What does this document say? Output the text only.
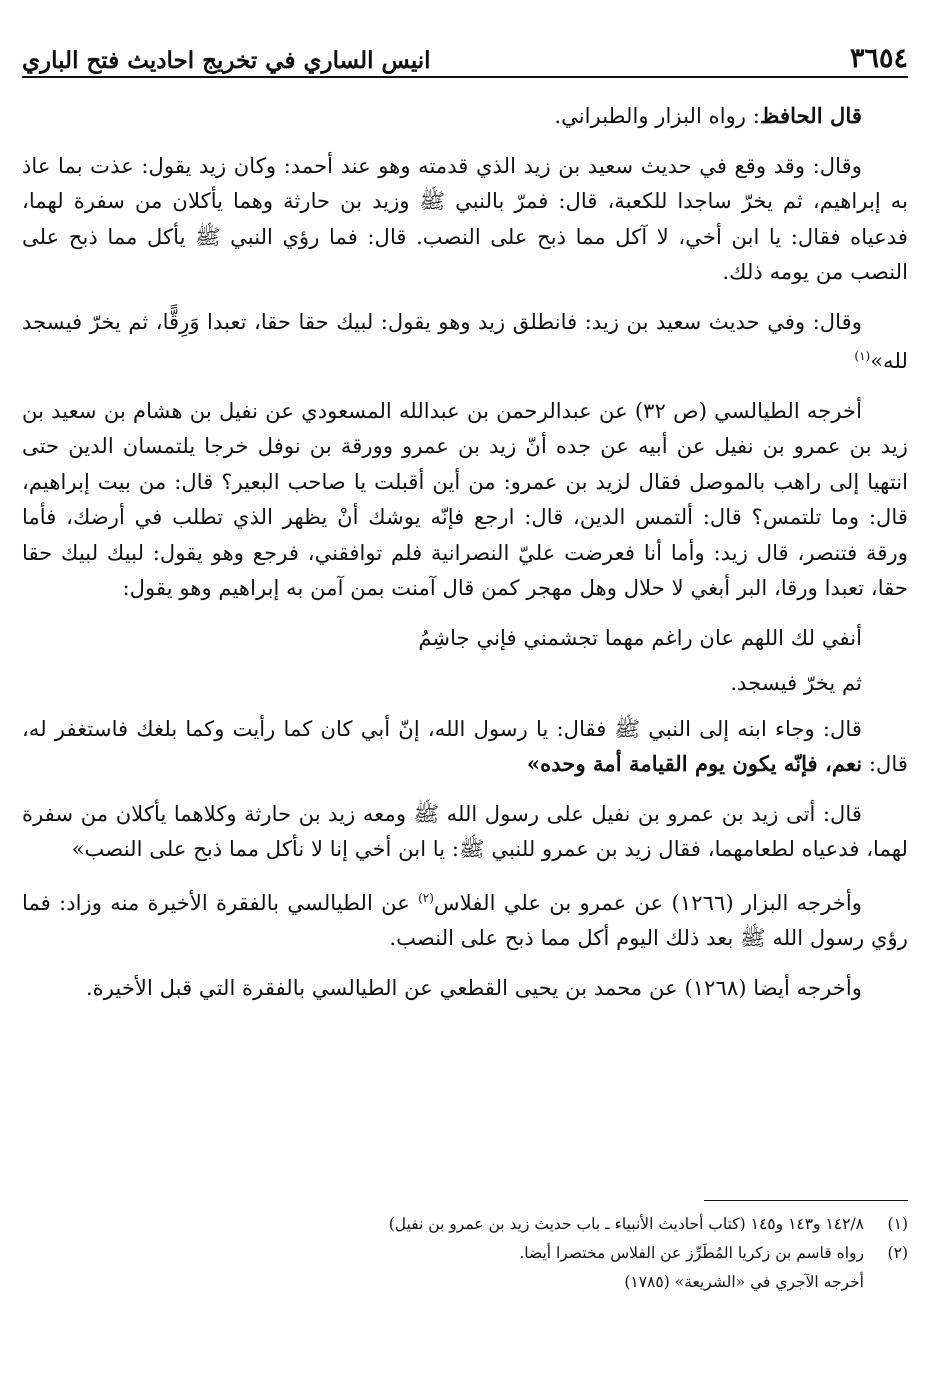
٣٦٥٤
انيس الساري في تخريج احاديث فتح الباري

قال الحافظ: رواه البزار والطبراني.

وقال: وقد وقع في حديث سعيد بن زيد الذي قدمته وهو عند أحمد: وكان زيد يقول: عذت بما عاذ به إبراهيم، ثم يخرّ ساجدا للكعبة، قال: فمرّ بالنبي ﷺ وزيد بن حارثة وهما يأكلان من سفرة لهما، فدعياه فقال: يا ابن أخي، لا آكل مما ذبح على النصب. قال: فما رؤي النبي ﷺ يأكل مما ذبح على النصب من يومه ذلك.

وقال: وفي حديث سعيد بن زيد: فانطلق زيد وهو يقول: لبيك حقا حقا، تعبدا وَرِقًّا، ثم يخرّ فيسجد لله»$^{(١)}$

أخرجه الطيالسي (ص ٣٢) عن عبدالرحمن بن عبدالله المسعودي عن نفيل بن هشام بن سعيد بن زيد بن عمرو بن نفيل عن أبيه عن جده أنّ زيد بن عمرو وورقة بن نوفل خرجا يلتمسان الدين حتى انتهيا إلى راهب بالموصل فقال لزيد بن عمرو: من أين أقبلت يا صاحب البعير؟ قال: من بيت إبراهيم، قال: وما تلتمس؟ قال: ألتمس الدين، قال: ارجع فإنّه يوشك أنْ يظهر الذي تطلب في أرضك، فأما ورقة فتنصر، قال زيد: وأما أنا فعرضت عليّ النصرانية فلم توافقني، فرجع وهو يقول: لبيك لبيك حقا حقا، تعبدا ورقا، البر أبغي لا حلال وهل مهجر كمن قال آمنت بمن آمن به إبراهيم وهو يقول:

أنفي لك اللهم عان راغم مهما تجشمني فإني جاشِمُ

ثم يخرّ فيسجد.

قال: وجاء ابنه إلى النبي ﷺ فقال: يا رسول الله، إنّ أبي كان كما رأيت وكما بلغك فاستغفر له، قال: نعم، فإنّه يكون يوم القيامة أمة وحده»

قال: أتى زيد بن عمرو بن نفيل على رسول الله ﷺ ومعه زيد بن حارثة وكلاهما يأكلان من سفرة لهما، فدعياه لطعامهما، فقال زيد بن عمرو للنبي ﷺ: يا ابن أخي إنا لا نأكل مما ذبح على النصب»

وأخرجه البزار (١٢٦٦) عن عمرو بن علي الفلاس$^{(٢)}$ عن الطيالسي بالفقرة الأخيرة منه وزاد: فما رؤي رسول الله ﷺ بعد ذلك اليوم أكل مما ذبح على النصب.

وأخرجه أيضا (١٢٦٨) عن محمد بن يحيى القطعي عن الطيالسي بالفقرة التي قبل الأخيرة.

(١)
١٤٢/٨ و١٤٣ و١٤٥ (كتاب أحاديث الأنبياء ـ باب حديث زيد بن عمرو بن نفيل)
(٢)
رواه قاسم بن زكريا المُطَرِّز عن الفلاس مختصرا أيضا.
أخرجه الآجري في «الشريعة» (١٧٨٥)
